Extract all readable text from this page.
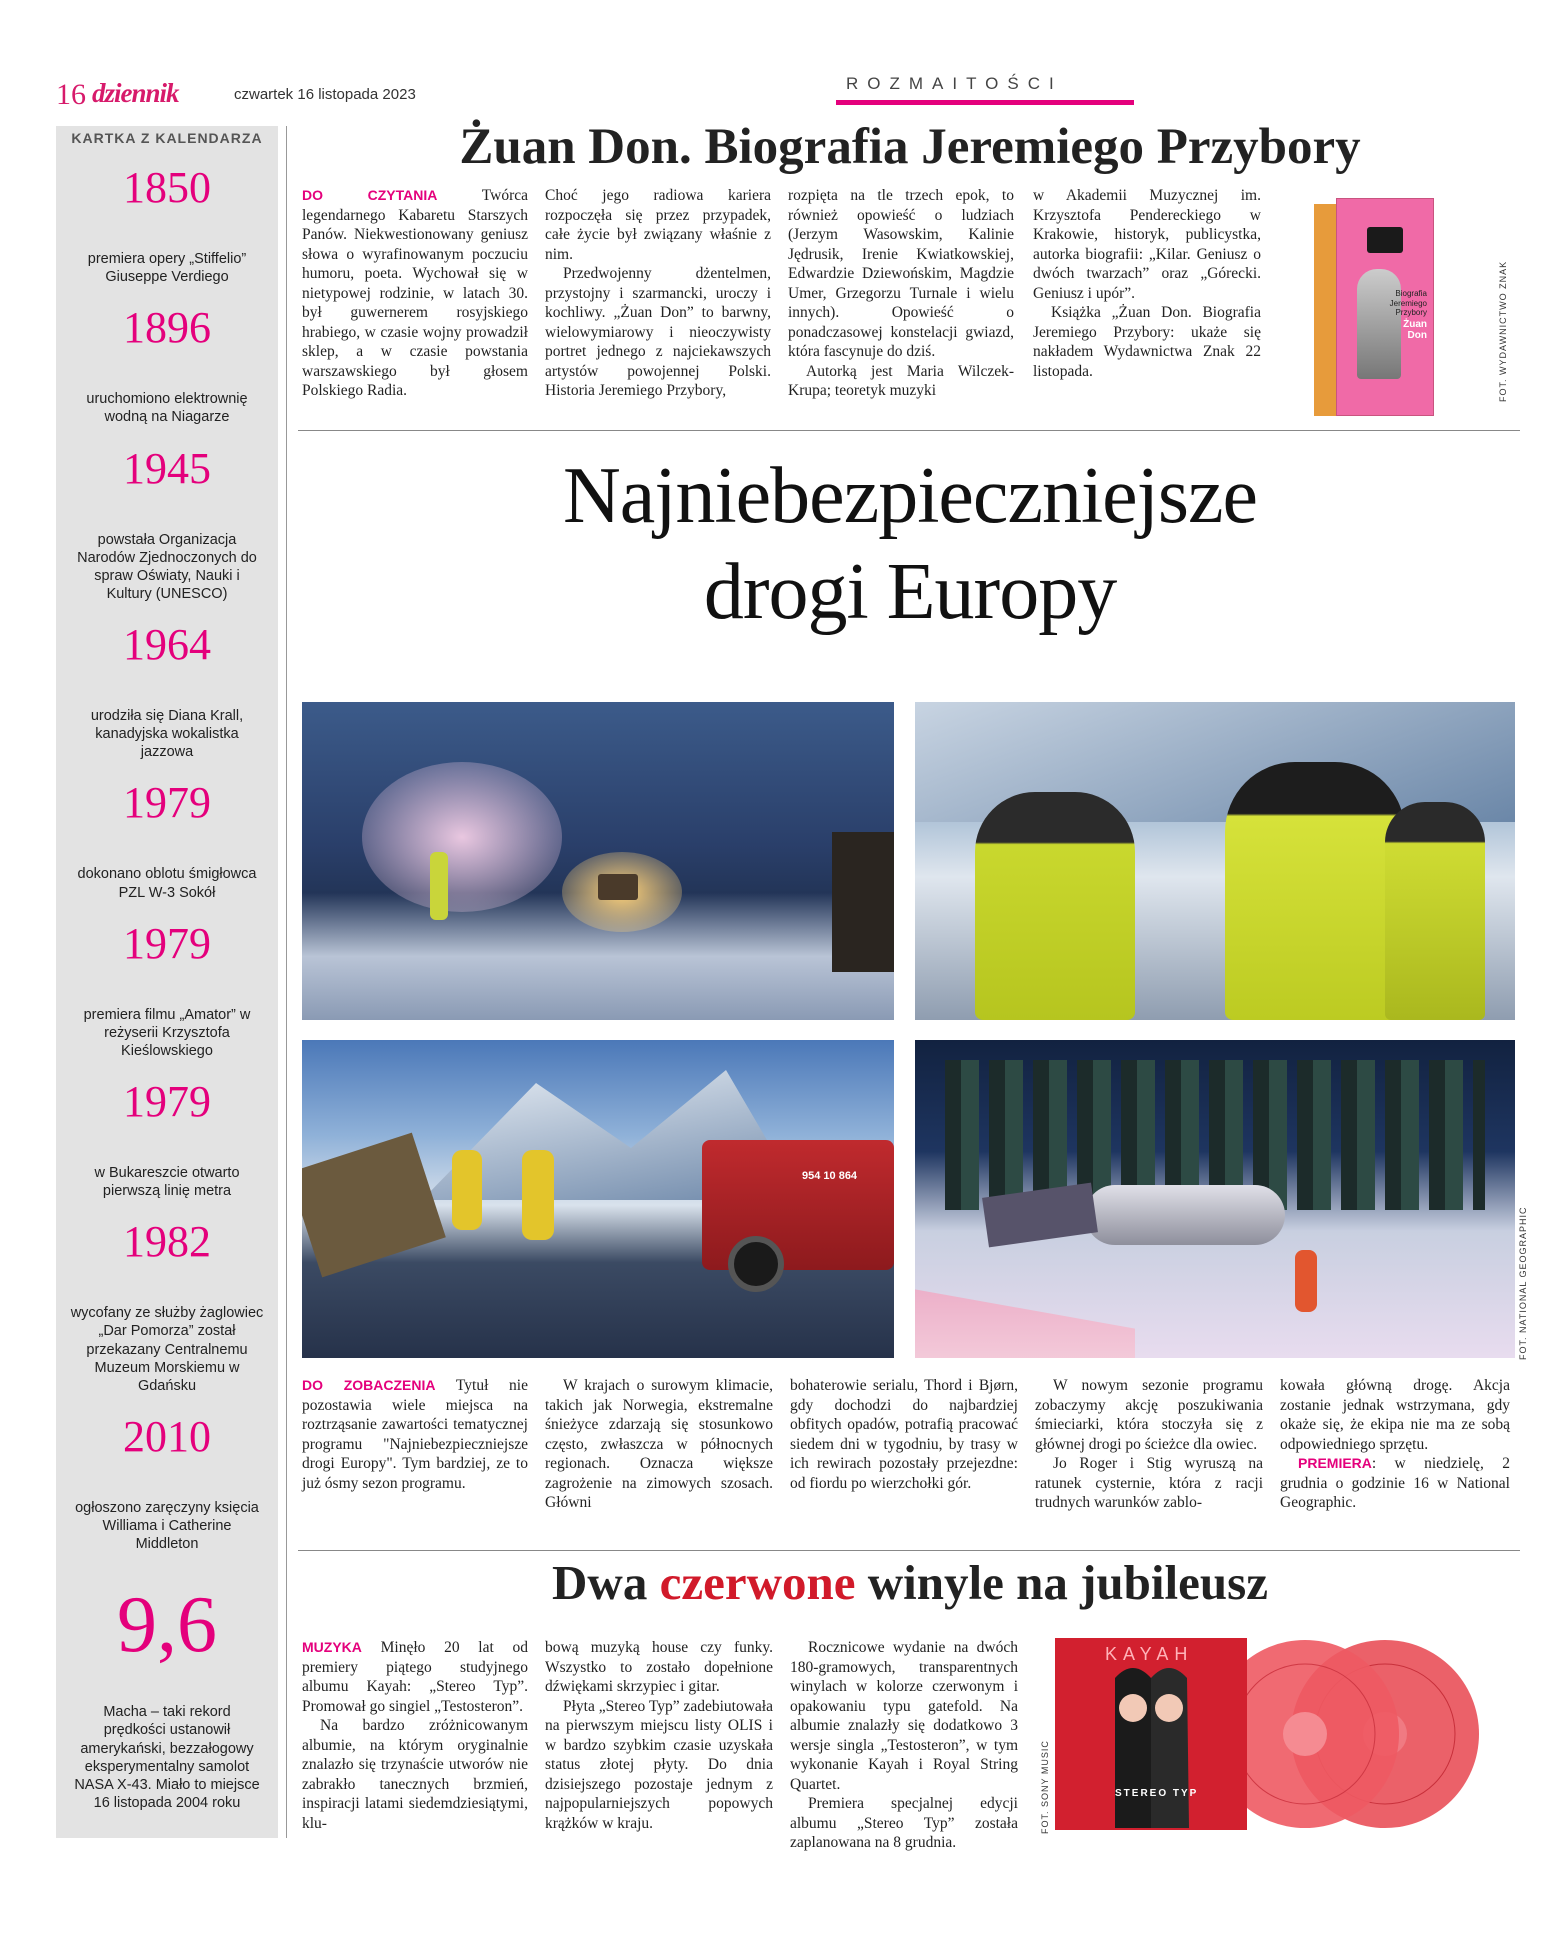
16 dziennik	czwartek 16 listopada 2023
ROZMAITOŚCI
KARTKA Z KALENDARZA
1850
premiera opery „Stiffelio” Giuseppe Verdiego
1896
uruchomiono elektrownię wodną na Niagarze
1945
powstała Organizacja Narodów Zjednoczonych do spraw Oświaty, Nauki i Kultury (UNESCO)
1964
urodziła się Diana Krall, kanadyjska wokalistka jazzowa
1979
dokonano oblotu śmigłowca PZL W-3 Sokół
1979
premiera filmu „Amator” w reżyserii Krzysztofa Kieślowskiego
1979
w Bukareszcie otwarto pierwszą linię metra
1982
wycofany ze służby żaglowiec „Dar Pomorza” został przekazany Centralnemu Muzeum Morskiemu w Gdańsku
2010
ogłoszono zaręczyny księcia Williama i Catherine Middleton
9,6
Macha – taki rekord prędkości ustanowił amerykański, bezzałogowy eksperymentalny samolot NASA X-43. Miało to miejsce 16 listopada 2004 roku
Żuan Don. Biografia Jeremiego Przybory

DO CZYTANIA	Twórca legendarnego Kabaretu Starszych Panów. Niekwestionowany geniusz słowa o wyrafinowanym poczuciu humoru, poeta. Wychował się w nietypowej rodzinie, w latach 30. był guwernerem rosyjskiego hrabiego, w czasie wojny prowadził sklep, a w czasie powstania warszawskiego był głosem Polskiego Radia.

Choć jego radiowa kariera rozpoczęła się przez przypadek, całe życie był związany właśnie z nim.

Przedwojenny dżentelmen, przystojny i szarmancki, uroczy i kochliwy. „Żuan Don” to barwny, wielowymiarowy i nieoczywisty portret jednego z najciekawszych artystów powojennej Polski. Historia Jeremiego Przybory,

rozpięta na tle trzech epok, to również opowieść o ludziach (Jerzym Wasowskim, Kalinie Jędrusik, Irenie Kwiatkowskiej, Edwardzie Dziewońskim, Magdzie Umer, Grzegorzu Turnale i wielu innych). Opowieść o ponadczasowej konstelacji gwiazd, która fascynuje do dziś.

Autorką jest Maria Wilczek-Krupa; teoretyk muzyki

w Akademii Muzycznej im. Krzysztofa Pendereckiego w Krakowie, historyk, publicystka, autorka biografii: „Kilar. Geniusz o dwóch twarzach” oraz „Górecki. Geniusz i upór”.

Książka „Żuan Don. Biografia Jeremiego Przybory: ukaże się nakładem Wydawnictwa Znak 22 listopada.

Biografia Jeremiego Przybory
Żuan Don	FOT. WYDAWNICTWO ZNAK
Najniebezpieczniejsze
drogi Europy
954 10 864
FOT. NATIONAL GEOGRAPHIC

DO ZOBACZENIA Tytuł nie pozostawia wiele miejsca na roztrząsanie zawartości tematycznej programu "Najniebezpieczniejsze drogi Europy". Tym bardziej, ze to już ósmy sezon programu.

W krajach o surowym klimacie, takich jak Norwegia, ekstremalne śnieżyce zdarzają się stosunkowo często, zwłaszcza w północnych regionach. Oznacza większe zagrożenie na zimowych szosach. Główni

bohaterowie serialu, Thord i Bjørn, gdy dochodzi do najbardziej obfitych opadów, potrafią pracować siedem dni w tygodniu, by trasy w ich rewirach pozostały przejezdne: od fiordu po wierzchołki gór.

W nowym sezonie programu zobaczymy akcję poszukiwania śmieciarki, która stoczyła się z głównej drogi po ścieżce dla owiec.

Jo Roger i Stig wyruszą na ratunek cysternie, która z racji trudnych warunków zablo-

kowała główną drogę. Akcja zostanie jednak wstrzymana, gdy okaże się, że ekipa nie ma ze sobą odpowiedniego sprzętu.

PREMIERA: w niedzielę, 2 grudnia o godzinie 16 w National Geographic.

Dwa czerwone winyle na jubileusz

MUZYKA Minęło 20 lat od premiery piątego studyjnego albumu Kayah: „Stereo Typ”. Promował go singiel „Testosteron”.

Na bardzo zróżnicowanym albumie, na którym oryginalnie znalazło się trzynaście utworów nie zabrakło tanecznych brzmień, inspiracji latami siedemdziesiątymi, klu-

bową muzyką house czy funky. Wszystko to zostało dopełnione dźwiękami skrzypiec i gitar.

Płyta „Stereo Typ” zadebiutowała na pierwszym miejscu listy OLIS i w bardzo szybkim czasie uzyskała status złotej płyty. Do dnia dzisiejszego pozostaje jednym z najpopularniejszych popowych krążków w kraju.

Rocznicowe wydanie na dwóch 180-gramowych, transparentnych winylach w kolorze czerwonym i opakowaniu typu gatefold. Na albumie znalazły się dodatkowo 3 wersje singla „Testosteron”, w tym wykonanie Kayah i Royal String Quartet.

Premiera specjalnej edycji albumu „Stereo Typ” została zaplanowana na 8 grudnia.

KAYAH
STEREO TYP
FOT. SONY MUSIC
